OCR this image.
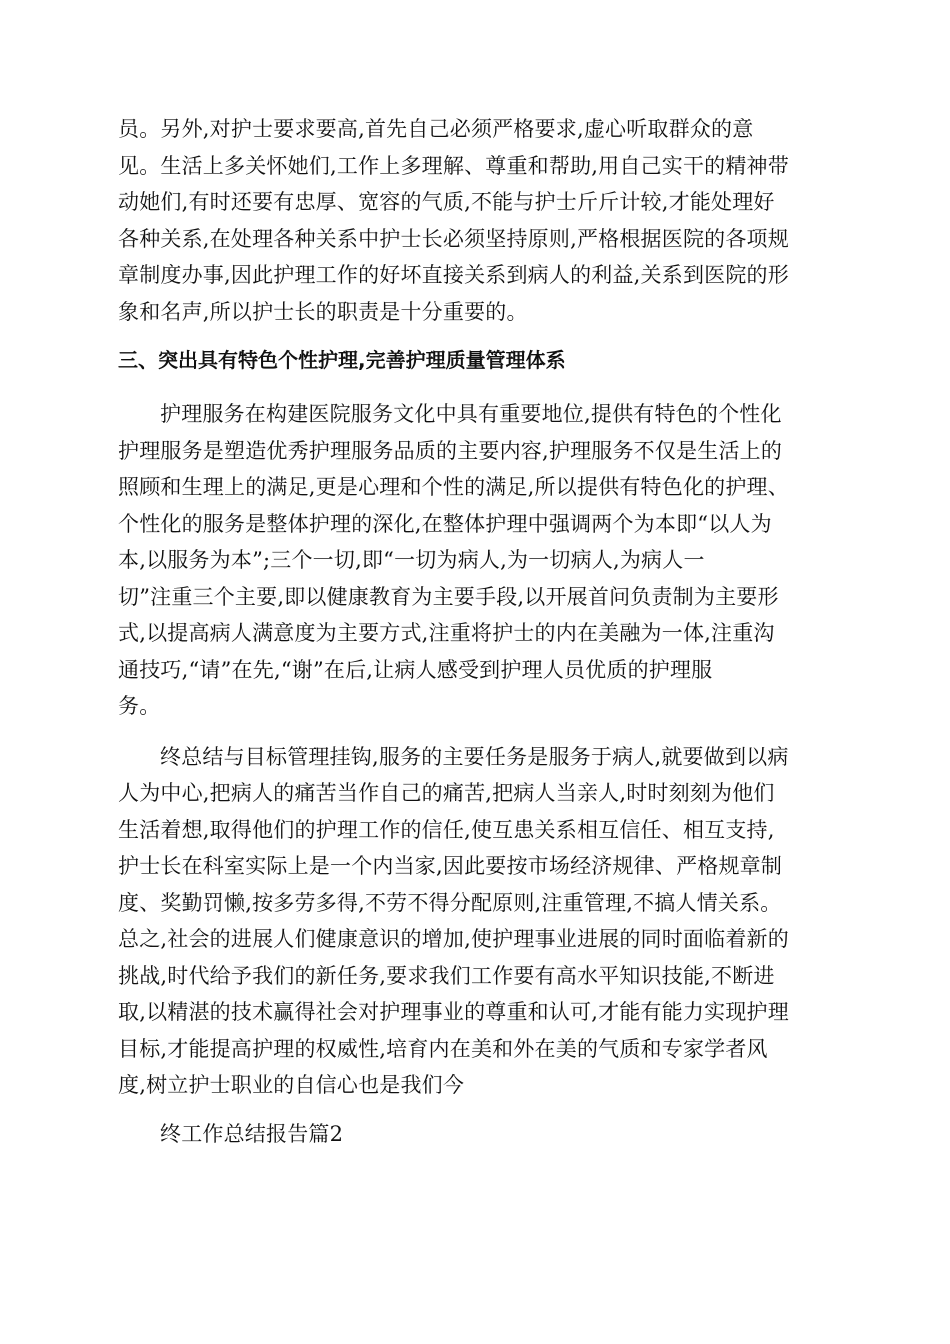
员。另外,对护士要求要高,首先自己必须严格要求,虚心听取群众的意
见。生活上多关怀她们,工作上多理解、尊重和帮助,用自己实干的精神带
动她们,有时还要有忠厚、宽容的气质,不能与护士斤斤计较,才能处理好
各种关系,在处理各种关系中护士长必须坚持原则,严格根据医院的各项规
章制度办事,因此护理工作的好坏直接关系到病人的利益,关系到医院的形
象和名声,所以护士长的职责是十分重要的。
三、突出具有特色个性护理,完善护理质量管理体系
护理服务在构建医院服务文化中具有重要地位,提供有特色的个性化
护理服务是塑造优秀护理服务品质的主要内容,护理服务不仅是生活上的
照顾和生理上的满足,更是心理和个性的满足,所以提供有特色化的护理、
个性化的服务是整体护理的深化,在整体护理中强调两个为本即“以人为
本,以服务为本”;三个一切,即“一切为病人,为一切病人,为病人一
切”注重三个主要,即以健康教育为主要手段,以开展首问负责制为主要形
式,以提高病人满意度为主要方式,注重将护士的内在美融为一体,注重沟
通技巧,“请”在先,“谢”在后,让病人感受到护理人员优质的护理服
务。
终总结与目标管理挂钩,服务的主要任务是服务于病人,就要做到以病
人为中心,把病人的痛苦当作自己的痛苦,把病人当亲人,时时刻刻为他们
生活着想,取得他们的护理工作的信任,使互患关系相互信任、相互支持,
护士长在科室实际上是一个内当家,因此要按市场经济规律、严格规章制
度、奖勤罚懒,按多劳多得,不劳不得分配原则,注重管理,不搞人情关系。
总之,社会的进展人们健康意识的增加,使护理事业进展的同时面临着新的
挑战,时代给予我们的新任务,要求我们工作要有高水平知识技能,不断进
取,以精湛的技术赢得社会对护理事业的尊重和认可,才能有能力实现护理
目标,才能提高护理的权威性,培育内在美和外在美的气质和专家学者风
度,树立护士职业的自信心也是我们今
终工作总结报告篇2
